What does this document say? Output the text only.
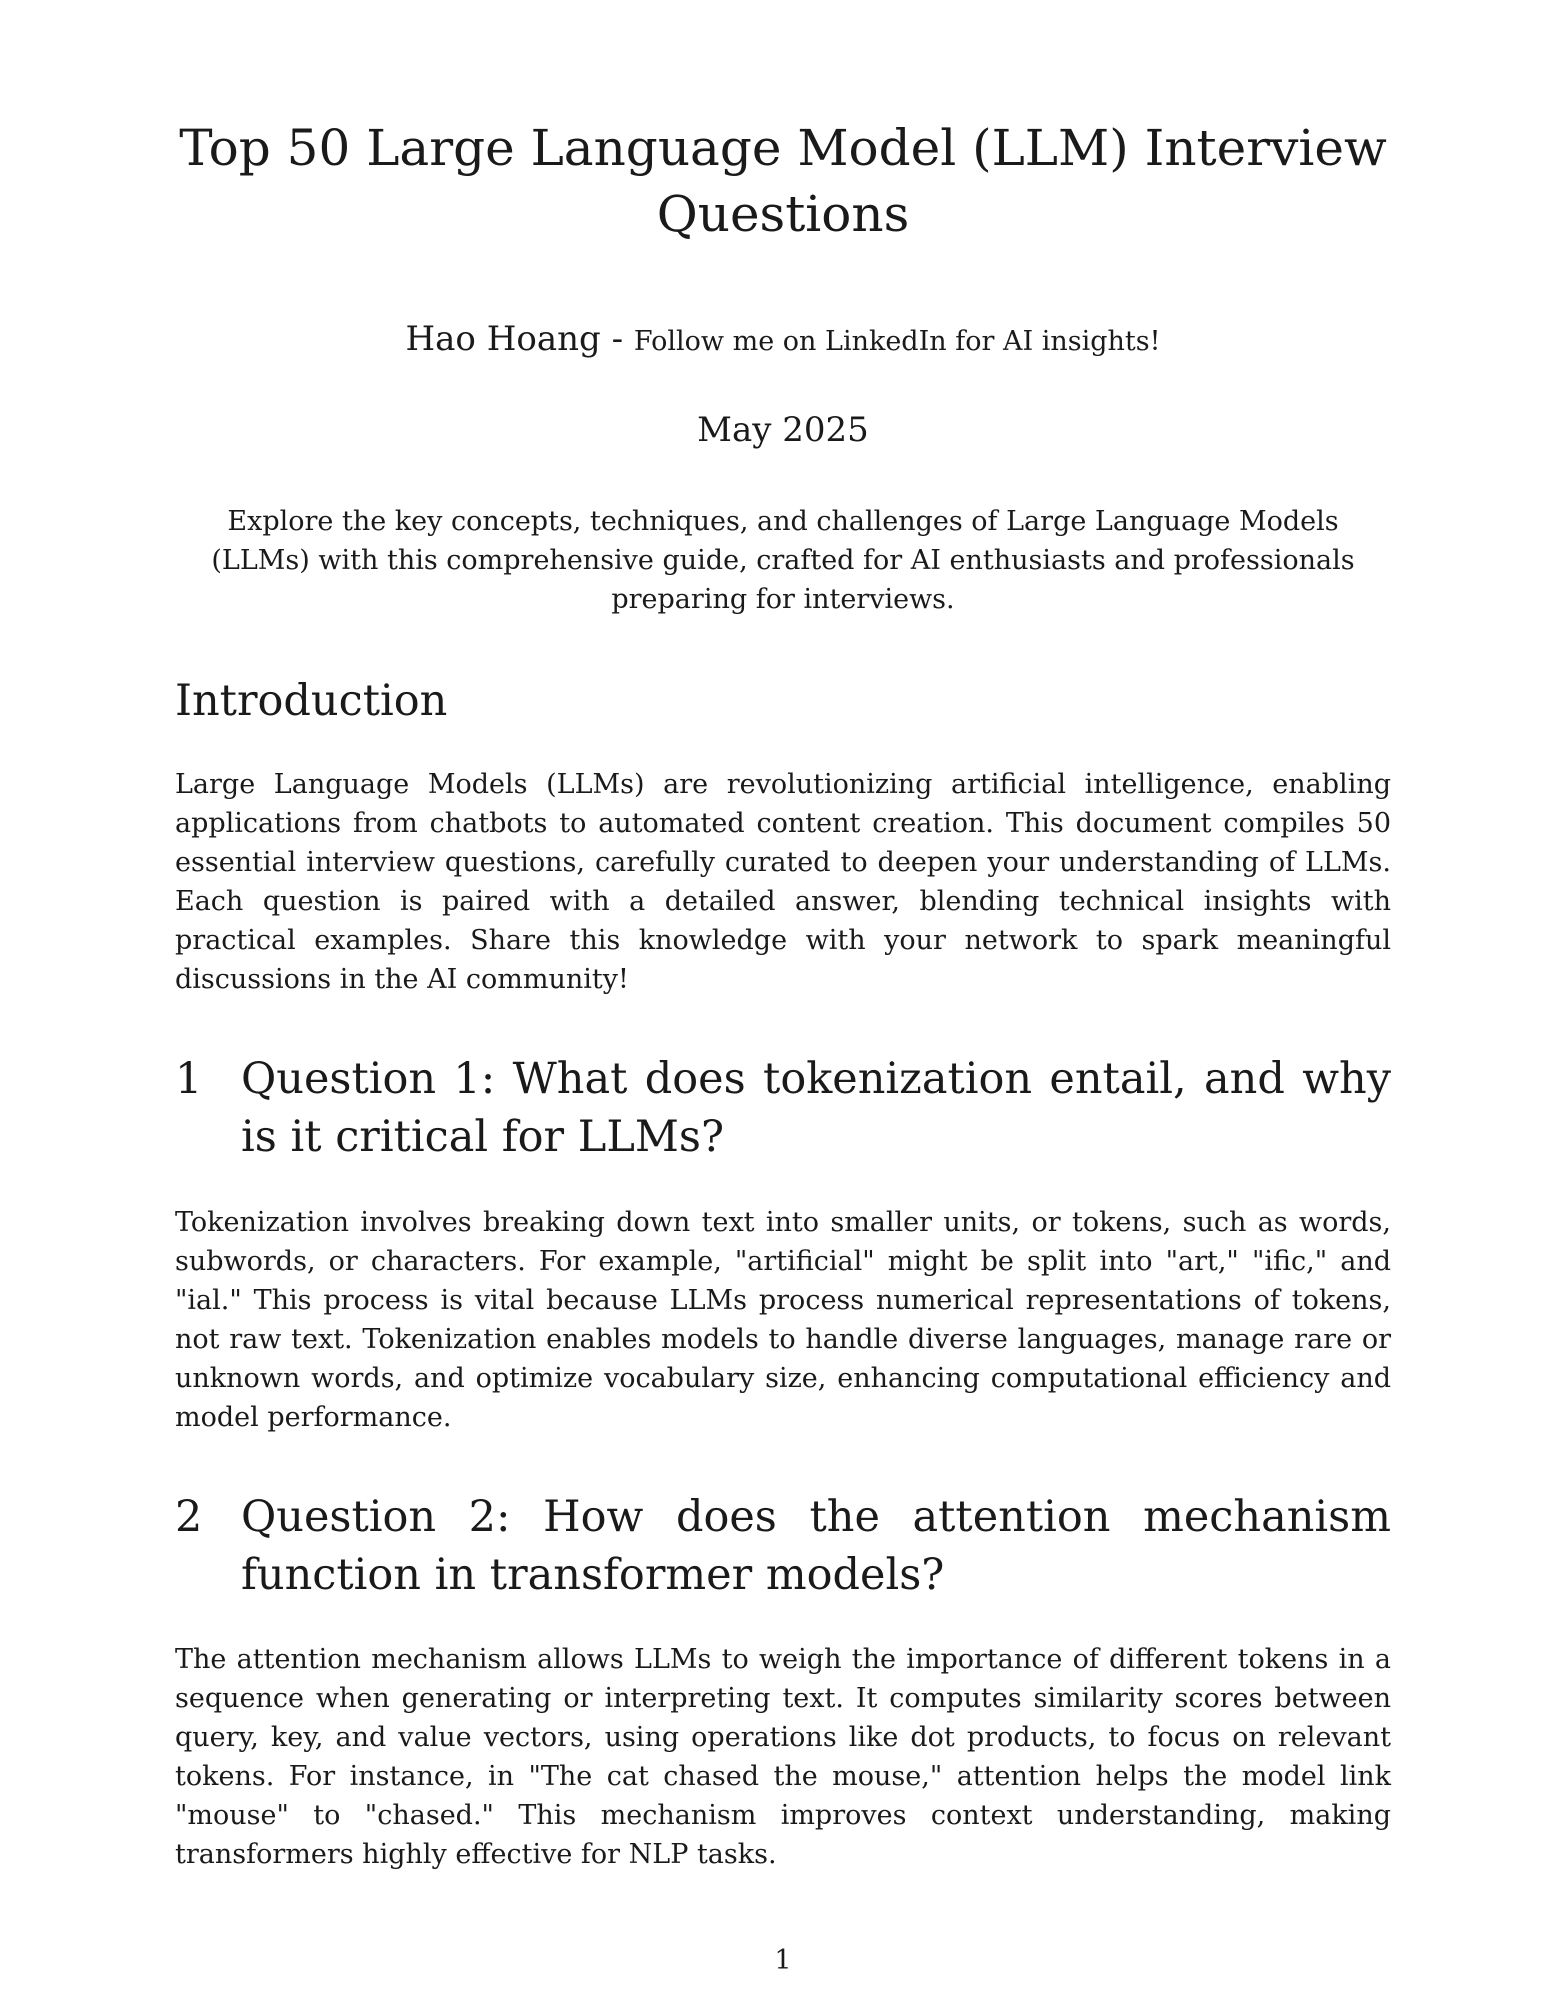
Top 50 Large Language Model (LLM) Interview Questions
Hao Hoang - Follow me on LinkedIn for AI insights!
May 2025

Explore the key concepts, techniques, and challenges of Large Language Models (LLMs) with this comprehensive guide, crafted for AI enthusiasts and professionals preparing for interviews.

Introduction

Large Language Models (LLMs) are revolutionizing artificial intelligence, enabling applications from chatbots to automated content creation. This document compiles 50 essential interview questions, carefully curated to deepen your understanding of LLMs. Each question is paired with a detailed answer, blending technical insights with practical examples. Share this knowledge with your network to spark meaningful discussions in the AI community!

1 Question 1: What does tokenization entail, and why is it critical for LLMs?

Tokenization involves breaking down text into smaller units, or tokens, such as words, subwords, or characters. For example, "artificial" might be split into "art," "ific," and "ial." This process is vital because LLMs process numerical representations of tokens, not raw text. Tokenization enables models to handle diverse languages, manage rare or unknown words, and optimize vocabulary size, enhancing computational efficiency and model performance.

2 Question 2: How does the attention mechanism function in transformer models?

The attention mechanism allows LLMs to weigh the importance of different tokens in a sequence when generating or interpreting text. It computes similarity scores between query, key, and value vectors, using operations like dot products, to focus on relevant tokens. For instance, in "The cat chased the mouse," attention helps the model link "mouse" to "chased." This mechanism improves context understanding, making transformers highly effective for NLP tasks.

1
